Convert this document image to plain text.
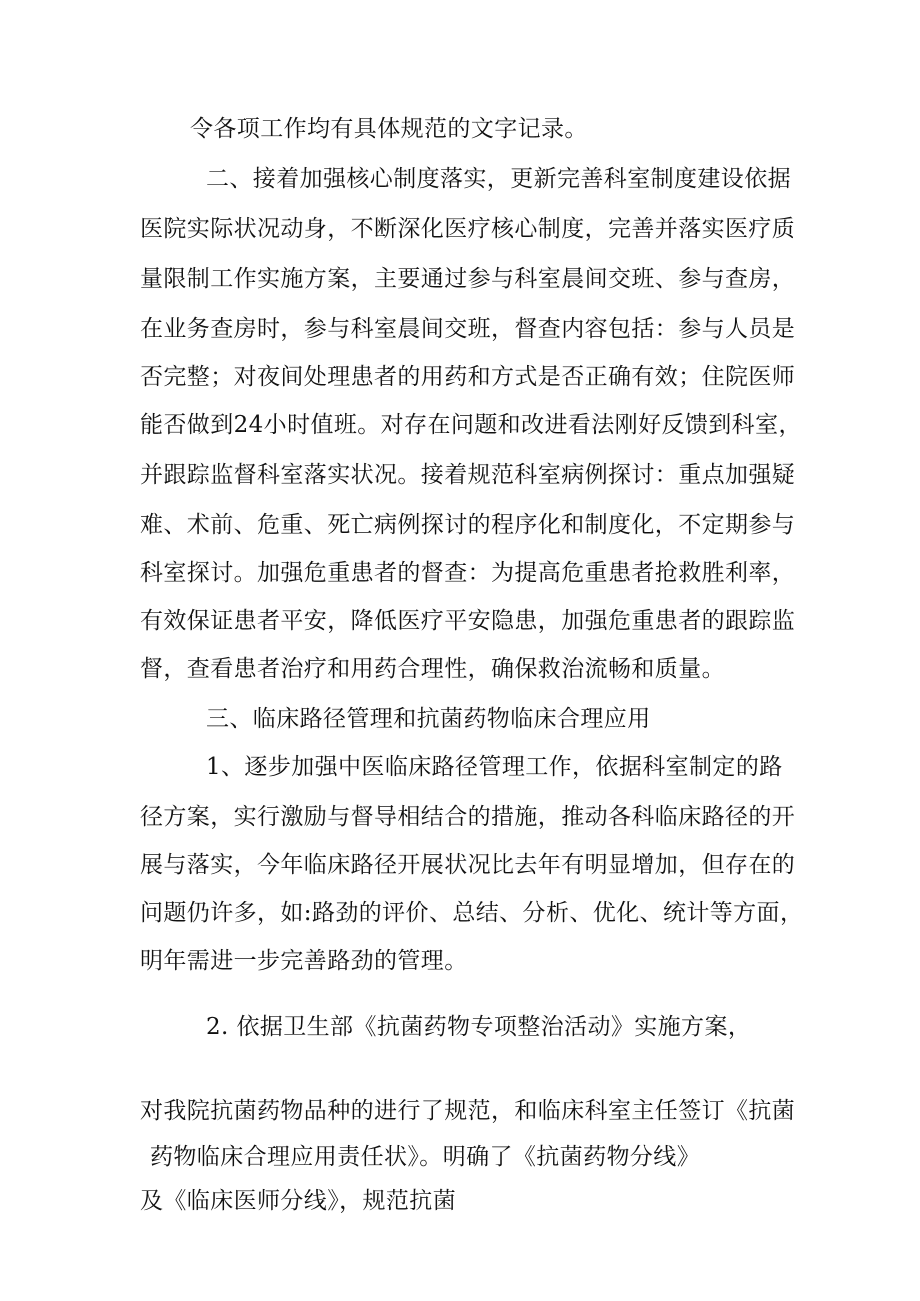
令各项工作均有具体规范的文字记录。
二、接着加强核心制度落实，更新完善科室制度建设依据
医院实际状况动身，不断深化医疗核心制度，完善并落实医疗质
量限制工作实施方案，主要通过参与科室晨间交班、参与查房，
在业务查房时，参与科室晨间交班，督查内容包括：参与人员是
否完整；对夜间处理患者的用药和方式是否正确有效；住院医师
能否做到24小时值班。对存在问题和改进看法刚好反馈到科室，
并跟踪监督科室落实状况。接着规范科室病例探讨：重点加强疑
难、术前、危重、死亡病例探讨的程序化和制度化，不定期参与
科室探讨。加强危重患者的督查：为提高危重患者抢救胜利率，
有效保证患者平安，降低医疗平安隐患，加强危重患者的跟踪监
督，查看患者治疗和用药合理性，确保救治流畅和质量。
三、临床路径管理和抗菌药物临床合理应用
1、逐步加强中医临床路径管理工作，依据科室制定的路
径方案，实行激励与督导相结合的措施，推动各科临床路径的开
展与落实，今年临床路径开展状况比去年有明显增加，但存在的
问题仍许多，如:路劲的评价、总结、分析、优化、统计等方面，
明年需进一步完善路劲的管理。
2. 依据卫生部《抗菌药物专项整治活动》实施方案，
对我院抗菌药物品种的进行了规范，和临床科室主任签订《抗菌
药物临床合理应用责任状》。明确了《抗菌药物分线》
及《临床医师分线》，规范抗菌
